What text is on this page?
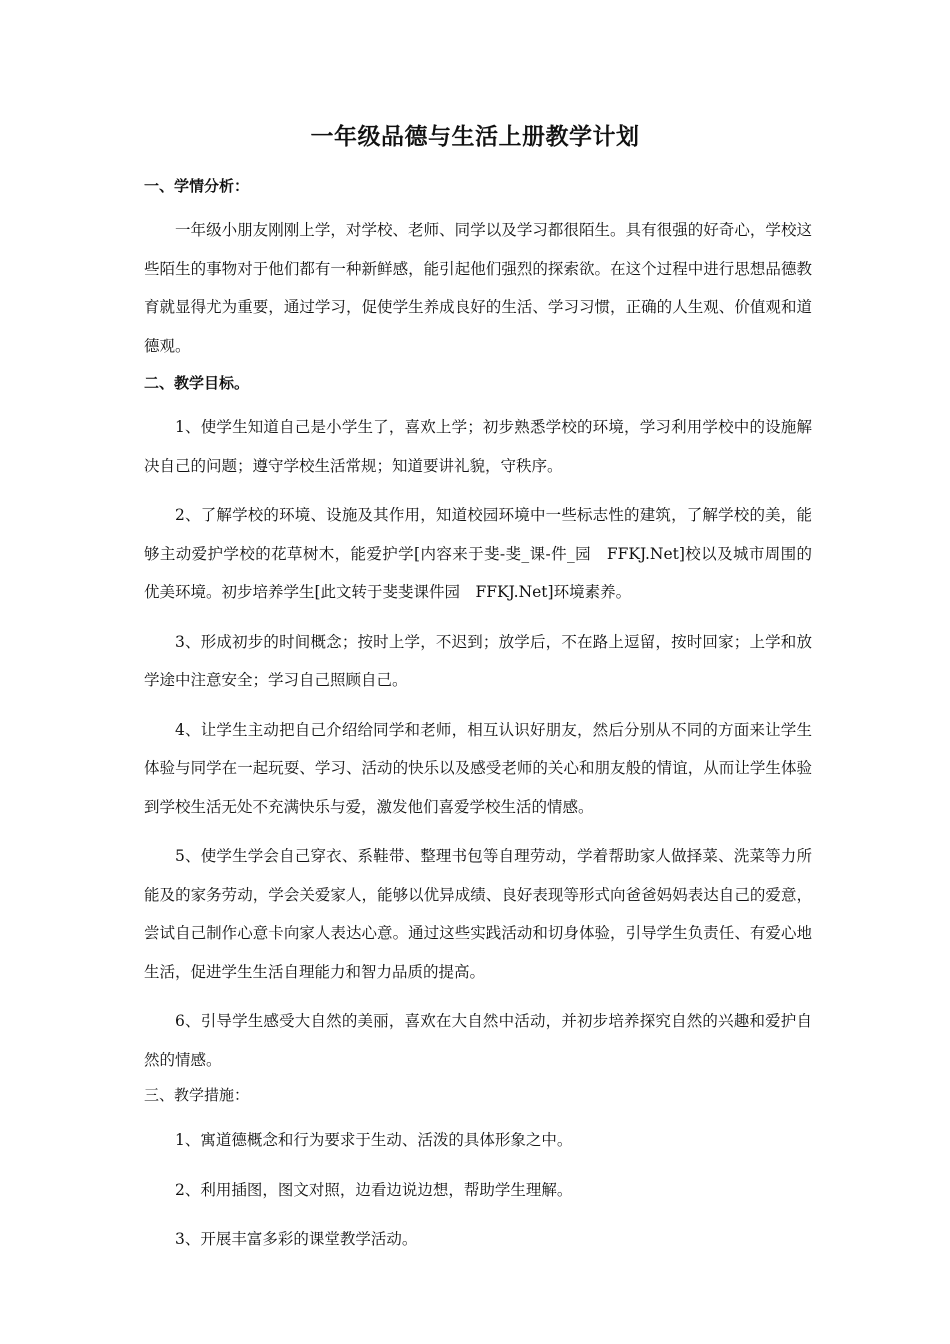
一年级品德与生活上册教学计划

一、学情分析：

一年级小朋友刚刚上学，对学校、老师、同学以及学习都很陌生。具有很强的好奇心，学校这些陌生的事物对于他们都有一种新鲜感，能引起他们强烈的探索欲。在这个过程中进行思想品德教育就显得尤为重要，通过学习，促使学生养成良好的生活、学习习惯，正确的人生观、价值观和道德观。

二、教学目标。

1、使学生知道自己是小学生了，喜欢上学；初步熟悉学校的环境，学习利用学校中的设施解决自己的问题；遵守学校生活常规；知道要讲礼貌，守秩序。

2、了解学校的环境、设施及其作用，知道校园环境中一些标志性的建筑，了解学校的美，能够主动爱护学校的花草树木，能爱护学[内容来于斐-斐_课-件_园　FFKJ.Net]校以及城市周围的优美环境。初步培养学生[此文转于斐斐课件园　FFKJ.Net]环境素养。

3、形成初步的时间概念；按时上学，不迟到；放学后，不在路上逗留，按时回家；上学和放学途中注意安全；学习自己照顾自己。

4、让学生主动把自己介绍给同学和老师，相互认识好朋友，然后分别从不同的方面来让学生体验与同学在一起玩耍、学习、活动的快乐以及感受老师的关心和朋友般的情谊，从而让学生体验到学校生活无处不充满快乐与爱，激发他们喜爱学校生活的情感。

5、使学生学会自己穿衣、系鞋带、整理书包等自理劳动，学着帮助家人做择菜、洗菜等力所能及的家务劳动，学会关爱家人，能够以优异成绩、良好表现等形式向爸爸妈妈表达自己的爱意，尝试自己制作心意卡向家人表达心意。通过这些实践活动和切身体验，引导学生负责任、有爱心地生活，促进学生生活自理能力和智力品质的提高。

6、引导学生感受大自然的美丽，喜欢在大自然中活动，并初步培养探究自然的兴趣和爱护自然的情感。

三、教学措施：

1、寓道德概念和行为要求于生动、活泼的具体形象之中。

2、利用插图，图文对照，边看边说边想，帮助学生理解。

3、开展丰富多彩的课堂教学活动。
